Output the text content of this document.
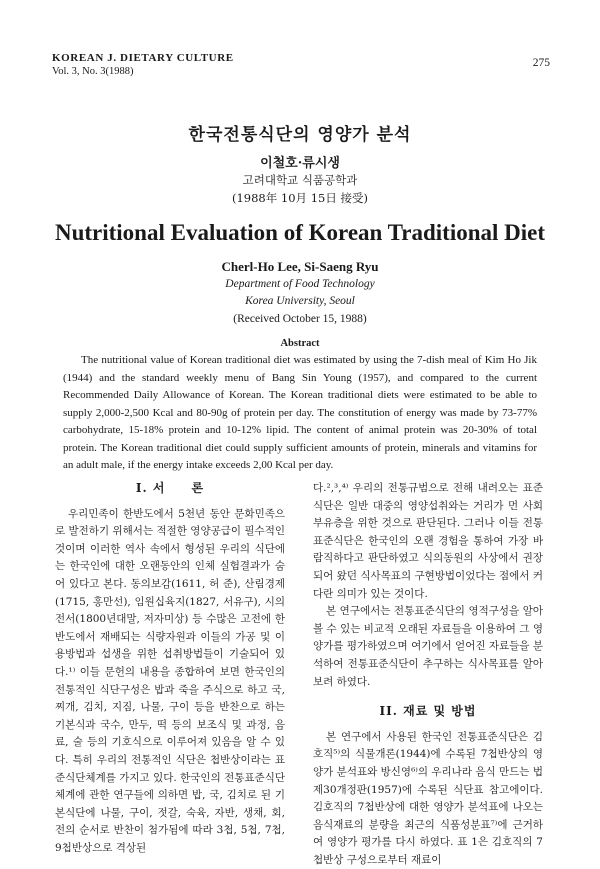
KOREAN J. DIETARY CULTURE
Vol. 3, No. 3(1988)
275
한국전통식단의 영양가 분석
이철호·류시생
고려대학교 식품공학과
(1988年 10月 15日 接受)
Nutritional Evaluation of Korean Traditional Diet
Cherl-Ho Lee, Si-Saeng Ryu
Department of Food Technology
Korea University, Seoul
(Received October 15, 1988)
Abstract
The nutritional value of Korean traditional diet was estimated by using the 7-dish meal of Kim Ho Jik (1944) and the standard weekly menu of Bang Sin Young (1957), and compared to the current Recommended Daily Allowance of Korean. The Korean traditional diets were estimated to be able to supply 2,000-2,500 Kcal and 80-90g of protein per day. The constitution of energy was made by 73-77% carbohydrate, 15-18% protein and 10-12% lipid. The content of animal protein was 20-30% of total protein. The Korean traditional diet could supply sufficient amounts of protein, minerals and vitamins for an adult male, if the energy intake exceeds 2,00 Kcal per day.
I. 서　　론

우리민족이 한반도에서 5천년 동안 문화민족으로 발전하기 위해서는 적절한 영양공급이 필수적인 것이며 이러한 역사 속에서 형성된 우리의 식단에는 한국인에 대한 오랜동안의 인체 실험결과가 숨어 있다고 본다. 동의보감(1611, 허 준), 산림경제(1715, 홍만선), 임원십육지(1827, 서유구), 시의전서(1800년대말, 저자미상) 등 수많은 고전에 한반도에서 재배되는 식량자원과 이들의 가공 및 이용방법과 섭생을 위한 섭취방법들이 기술되어 있다.¹⁾ 이들 문헌의 내용을 종합하여 보면 한국인의 전통적인 식단구성은 밥과 죽을 주식으로 하고 국, 찌개, 김치, 지짐, 나물, 구이 등을 반찬으로 하는 기본식과 국수, 만두, 떡 등의 보조식 및 과정, 음료, 술 등의 기호식으로 이루어져 있음을 알 수 있다. 특히 우리의 전통적인 식단은 첩반상이라는 표준식단체계를 가지고 있다. 한국인의 전통표준식단체계에 관한 연구들에 의하면 밥, 국, 김치로 된 기본식단에 나물, 구이, 젓갈, 숙육, 자반, 생채, 회, 전의 순서로 반찬이 첨가됨에 따라 3첩, 5첩, 7첩, 9첩반상으로 격상된

다.²,³,⁴⁾ 우리의 전통규범으로 전해 내려오는 표준식단은 일반 대중의 영양섭취와는 거리가 먼 사회 부유층을 위한 것으로 판단된다. 그러나 이들 전통표준식단은 한국인의 오랜 경험을 통하여 가장 바람직하다고 판단하였고 식의동원의 사상에서 권장되어 왔던 식사목표의 구현방법이었다는 점에서 커다란 의미가 있는 것이다.

본 연구에서는 전통표준식단의 영적구성을 알아 볼 수 있는 비교적 오래된 자료들을 이용하여 그 영양가를 평가하였으며 여기에서 얻어진 자료들을 분석하여 전통표준식단이 추구하는 식사목표를 알아보려 하였다.

II. 재료 및 방법

본 연구에서 사용된 한국인 전통표준식단은 김호직⁵⁾의 식물개론(1944)에 수록된 7첩반상의 영양가 분석표와 방신영⁶⁾의 우리나라 음식 만드는 법 제30개정판(1957)에 수록된 식단표 참고에이다. 김호직의 7첩반상에 대한 영양가 분석표에 나오는 음식재료의 분량을 최근의 식품성분표⁷⁾에 근거하여 영양가 평가를 다시 하였다. 표 1은 김호직의 7첩반상 구성으로부터 재료이
